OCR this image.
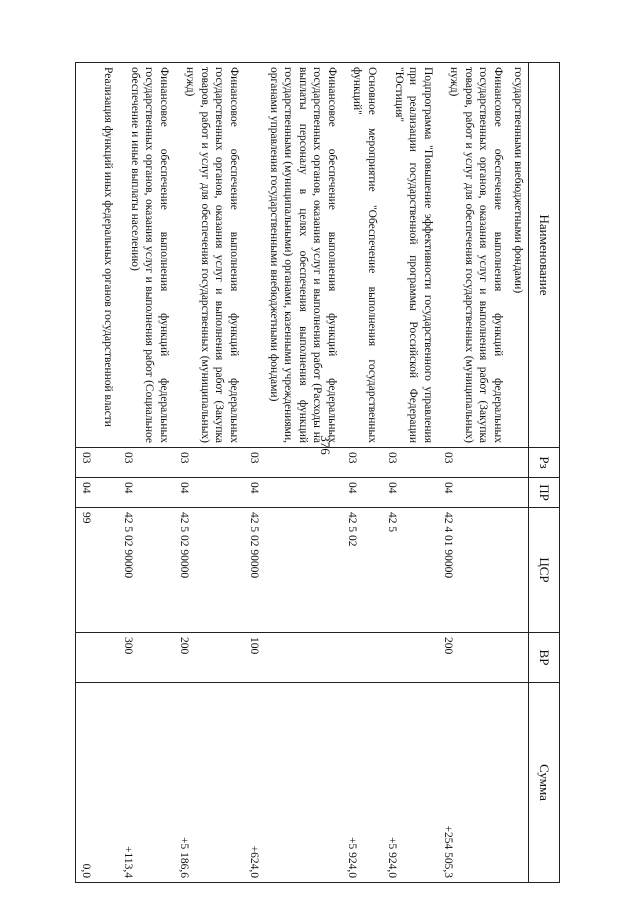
376
Наименование	Рз	ПР	ЦСР	ВР	Сумма
государственными внебюджетными фондами)					
Финансовое обеспечение выполнения функций федеральных государственных органов, оказания услуг и выполнения работ (Закупка товаров, работ и услуг для обеспечения государственных (муниципальных) нужд)	03	04	42 4 01 90000	200	+254 505,3
Подпрограмма "Повышение эффективности государственного управления при реализации государственной программы Российской Федерации "Юстиция"	03	04	42 5		+5 924,0
Основное мероприятие "Обеспечение выполнения государственных функций"	03	04	42 5 02		+5 924,0
Финансовое обеспечение выполнения функций федеральных государственных органов, оказания услуг и выполнения работ (Расходы на выплаты персоналу в целях обеспечения выполнения функций государственными (муниципальными) органами, казенными учреждениями, органами управления государственными внебюджетными фондами)	03	04	42 5 02 90000	100	+624,0
Финансовое обеспечение выполнения функций федеральных государственных органов, оказания услуг и выполнения работ (Закупка товаров, работ и услуг для обеспечения государственных (муниципальных) нужд)	03	04	42 5 02 90000	200	+5 186,6
Финансовое обеспечение выполнения функций федеральных государственных органов, оказания услуг и выполнения работ (Социальное обеспечение и иные выплаты населению)	03	04	42 5 02 90000	300	+113,4
Реализация функций иных федеральных органов государственной власти	03	04	99		0,0
